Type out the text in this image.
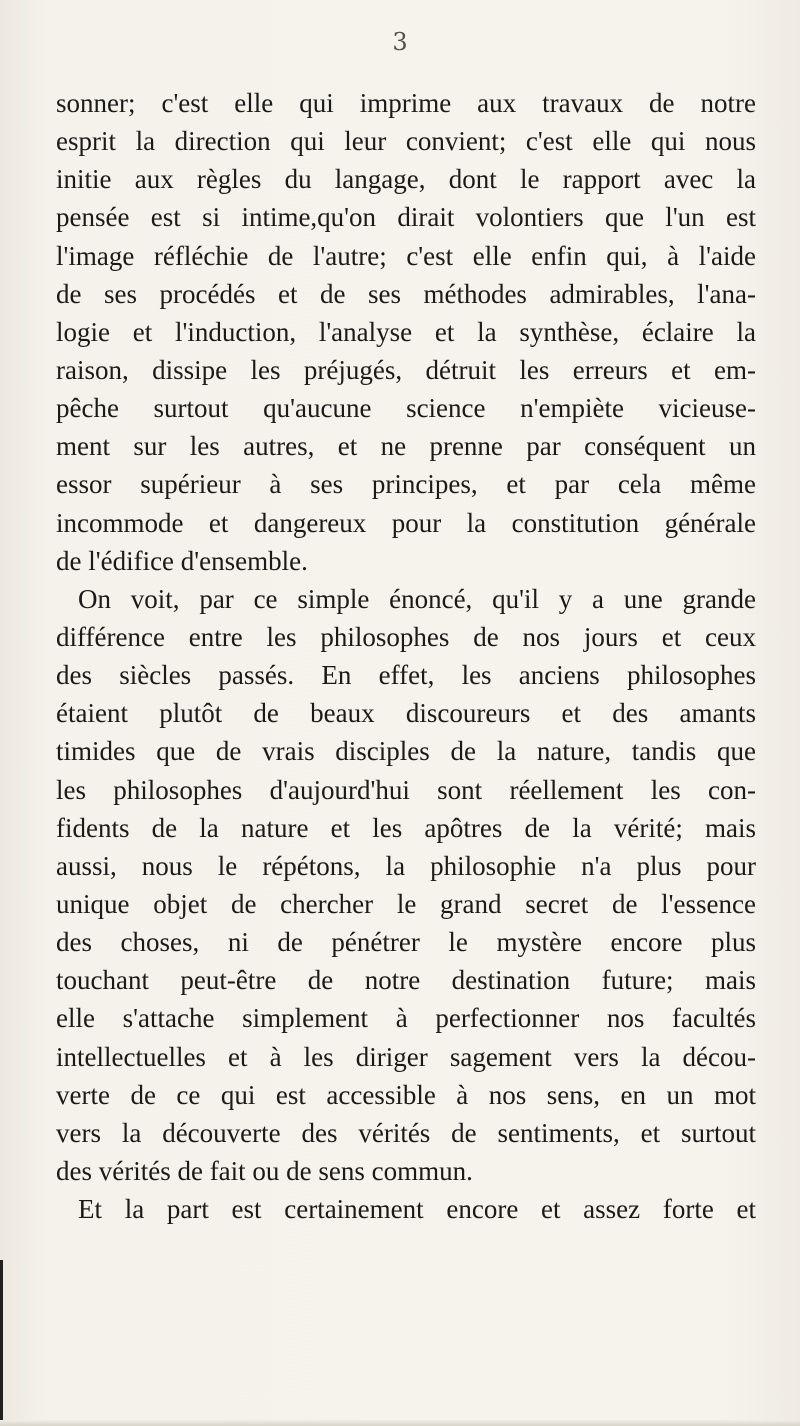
3
sonner; c'est elle qui imprime aux travaux de notre
esprit la direction qui leur convient; c'est elle qui nous
initie aux règles du langage, dont le rapport avec la
pensée est si intime,qu'on dirait volontiers que l'un est
l'image réfléchie de l'autre; c'est elle enfin qui, à l'aide
de ses procédés et de ses méthodes admirables, l'ana-
logie et l'induction, l'analyse et la synthèse, éclaire la
raison, dissipe les préjugés, détruit les erreurs et em-
pêche surtout qu'aucune science n'empiète vicieuse-
ment sur les autres, et ne prenne par conséquent un
essor supérieur à ses principes, et par cela même
incommode et dangereux pour la constitution générale
de l'édifice d'ensemble.
On voit, par ce simple énoncé, qu'il y a une grande
différence entre les philosophes de nos jours et ceux
des siècles passés. En effet, les anciens philosophes
étaient plutôt de beaux discoureurs et des amants
timides que de vrais disciples de la nature, tandis que
les philosophes d'aujourd'hui sont réellement les con-
fidents de la nature et les apôtres de la vérité; mais
aussi, nous le répétons, la philosophie n'a plus pour
unique objet de chercher le grand secret de l'essence
des choses, ni de pénétrer le mystère encore plus
touchant peut-être de notre destination future; mais
elle s'attache simplement à perfectionner nos facultés
intellectuelles et à les diriger sagement vers la décou-
verte de ce qui est accessible à nos sens, en un mot
vers la découverte des vérités de sentiments, et surtout
des vérités de fait ou de sens commun.
Et la part est certainement encore et assez forte et
